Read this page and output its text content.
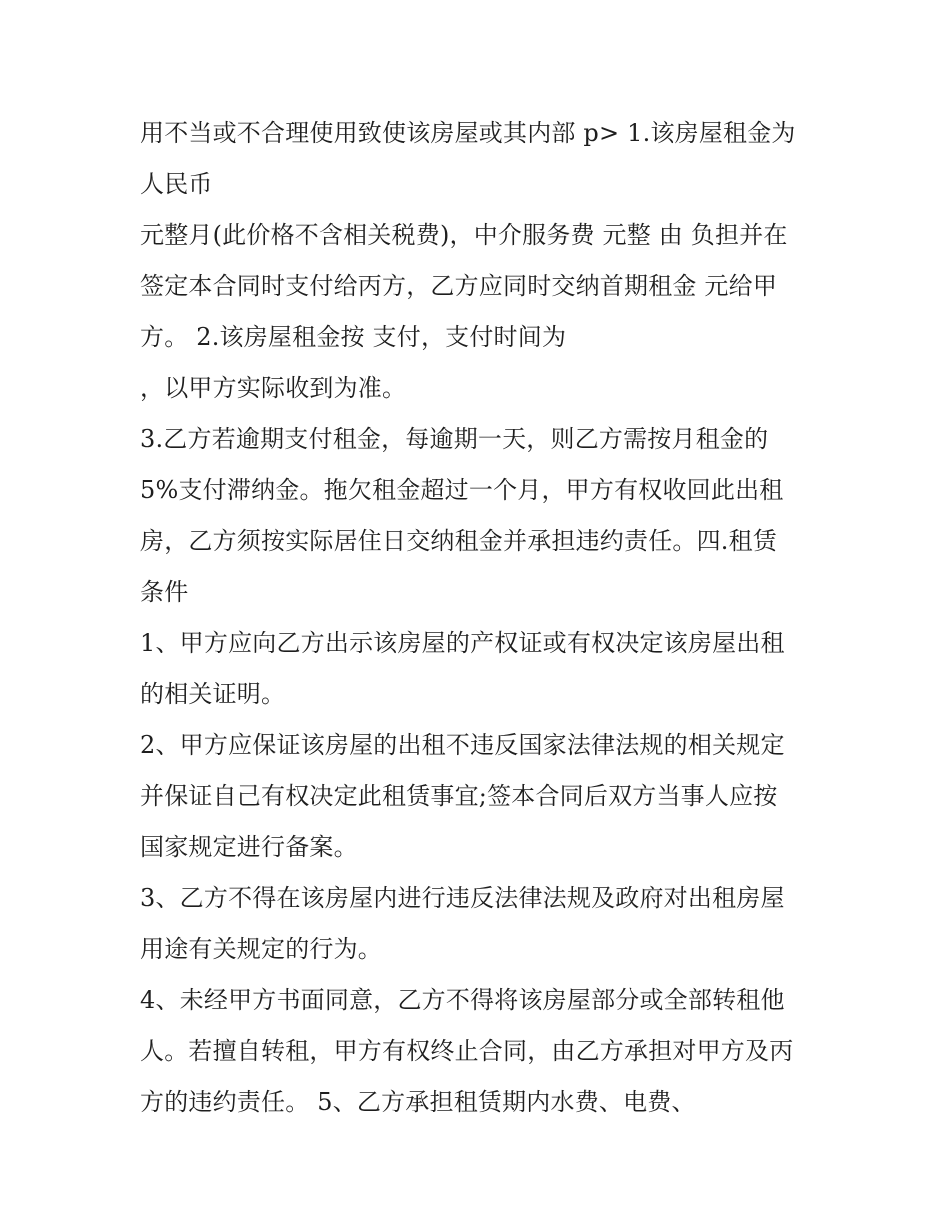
用不当或不合理使用致使该房屋或其内部 p> 1.该房屋租金为
人民币
元整月(此价格不含相关税费)，中介服务费 元整 由 负担并在
签定本合同时支付给丙方，乙方应同时交纳首期租金 元给甲
方。 2.该房屋租金按 支付，支付时间为
，以甲方实际收到为准。
3.乙方若逾期支付租金，每逾期一天，则乙方需按月租金的
5%支付滞纳金。拖欠租金超过一个月，甲方有权收回此出租
房，乙方须按实际居住日交纳租金并承担违约责任。四.租赁
条件
1、甲方应向乙方出示该房屋的产权证或有权决定该房屋出租
的相关证明。
2、甲方应保证该房屋的出租不违反国家法律法规的相关规定
并保证自己有权决定此租赁事宜;签本合同后双方当事人应按
国家规定进行备案。
3、乙方不得在该房屋内进行违反法律法规及政府对出租房屋
用途有关规定的行为。
4、未经甲方书面同意，乙方不得将该房屋部分或全部转租他
人。若擅自转租，甲方有权终止合同，由乙方承担对甲方及丙
方的违约责任。 5、乙方承担租赁期内水费、电费、
